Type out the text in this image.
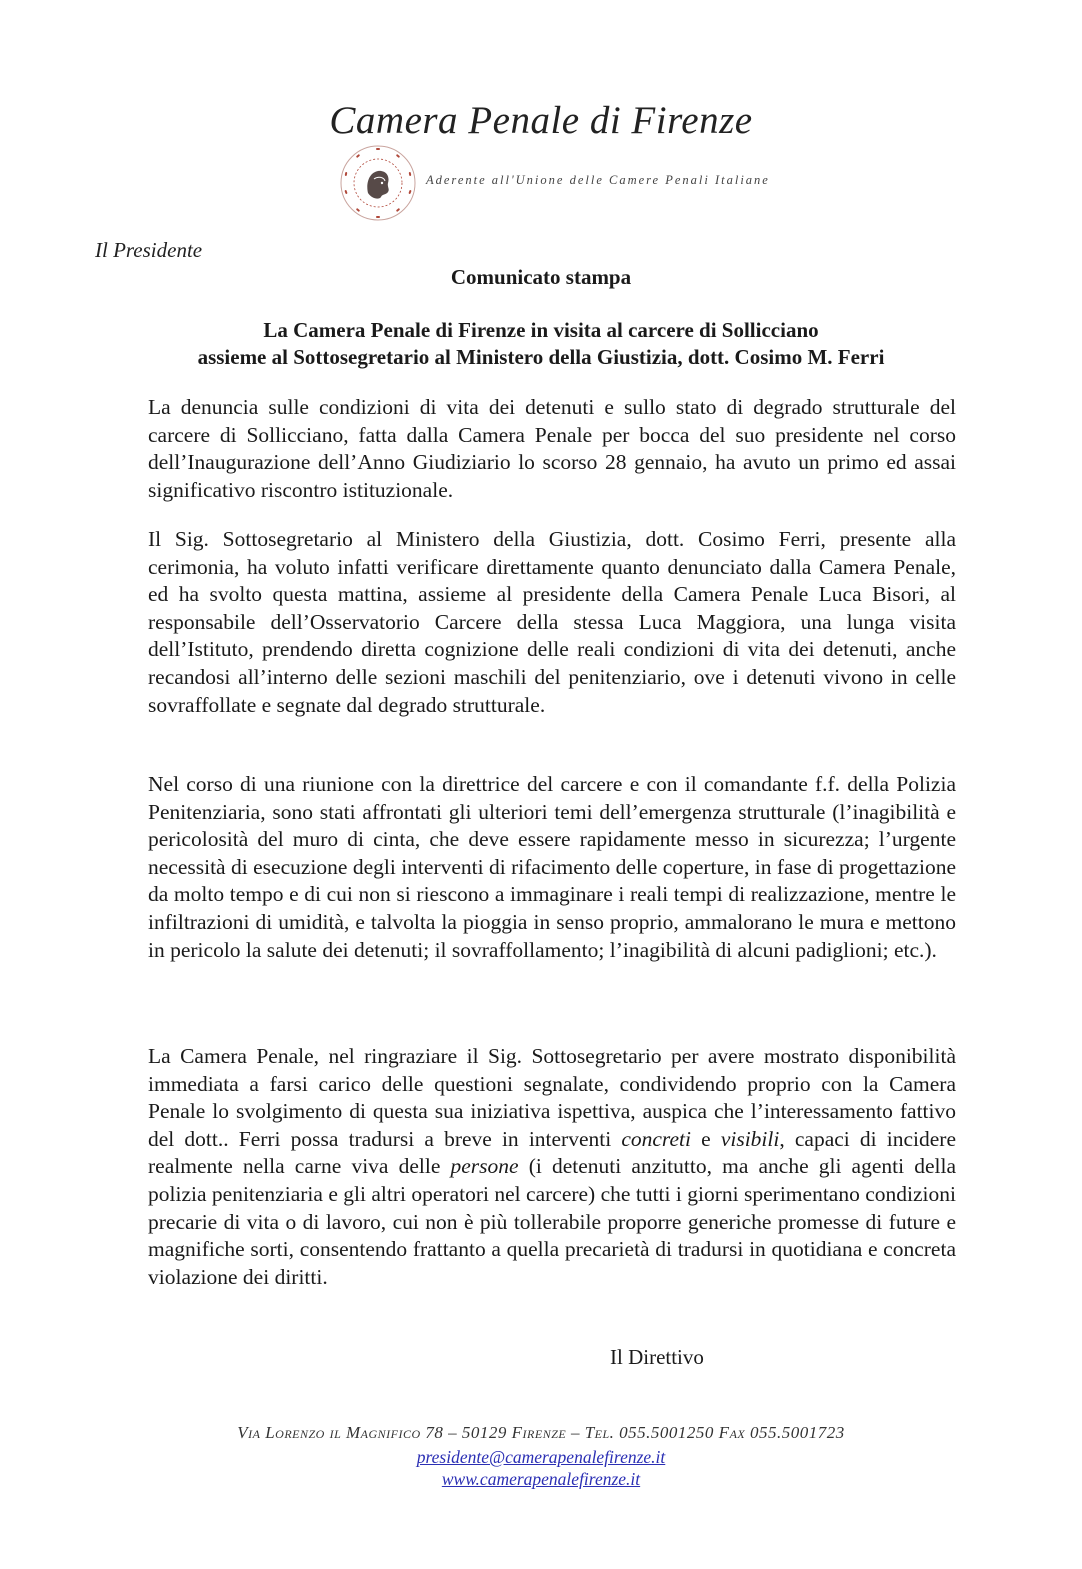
Camera Penale di Firenze
Aderente all'Unione delle Camere Penali Italiane
Il Presidente
Comunicato stampa
La Camera Penale di Firenze in visita al carcere di Sollicciano
assieme al Sottosegretario al Ministero della Giustizia, dott. Cosimo M. Ferri

La denuncia sulle condizioni di vita dei detenuti e sullo stato di degrado strutturale del carcere di Sollicciano, fatta dalla Camera Penale per bocca del suo presidente nel corso dell’Inaugurazione dell’Anno Giudiziario lo scorso 28 gennaio, ha avuto un primo ed assai significativo riscontro istituzionale.

Il Sig. Sottosegretario al Ministero della Giustizia, dott. Cosimo Ferri, presente alla cerimonia, ha voluto infatti verificare direttamente quanto denunciato dalla Camera Penale, ed ha svolto questa mattina, assieme al presidente della Camera Penale Luca Bisori, al responsabile dell’Osservatorio Carcere della stessa Luca Maggiora, una lunga visita dell’Istituto, prendendo diretta cognizione delle reali condizioni di vita dei detenuti, anche recandosi all’interno delle sezioni maschili del penitenziario, ove i detenuti vivono in celle sovraffollate e segnate dal degrado strutturale.

Nel corso di una riunione con la direttrice del carcere e con il comandante f.f. della Polizia Penitenziaria, sono stati affrontati gli ulteriori temi dell’emergenza strutturale (l’inagibilità e pericolosità del muro di cinta, che deve essere rapidamente messo in sicurezza; l’urgente necessità di esecuzione degli interventi di rifacimento delle coperture, in fase di progettazione da molto tempo e di cui non si riescono a immaginare i reali tempi di realizzazione, mentre le infiltrazioni di umidità, e talvolta la pioggia in senso proprio, ammalorano le mura e mettono in pericolo la salute dei detenuti; il sovraffollamento; l’inagibilità di alcuni padiglioni; etc.).

La Camera Penale, nel ringraziare il Sig. Sottosegretario per avere mostrato disponibilità immediata a farsi carico delle questioni segnalate, condividendo proprio con la Camera Penale lo svolgimento di questa sua iniziativa ispettiva, auspica che l’interessamento fattivo del dott.. Ferri possa tradursi a breve in interventi concreti e visibili, capaci di incidere realmente nella carne viva delle persone (i detenuti anzitutto, ma anche gli agenti della polizia penitenziaria e gli altri operatori nel carcere) che tutti i giorni sperimentano condizioni precarie di vita o di lavoro, cui non è più tollerabile proporre generiche promesse di future e magnifiche sorti, consentendo frattanto a quella precarietà di tradursi in quotidiana e concreta violazione dei diritti.

Il Direttivo
Via Lorenzo il Magnifico 78 – 50129 Firenze – Tel. 055.5001250 Fax 055.5001723
presidente@camerapenalefirenze.it
www.camerapenalefirenze.it
